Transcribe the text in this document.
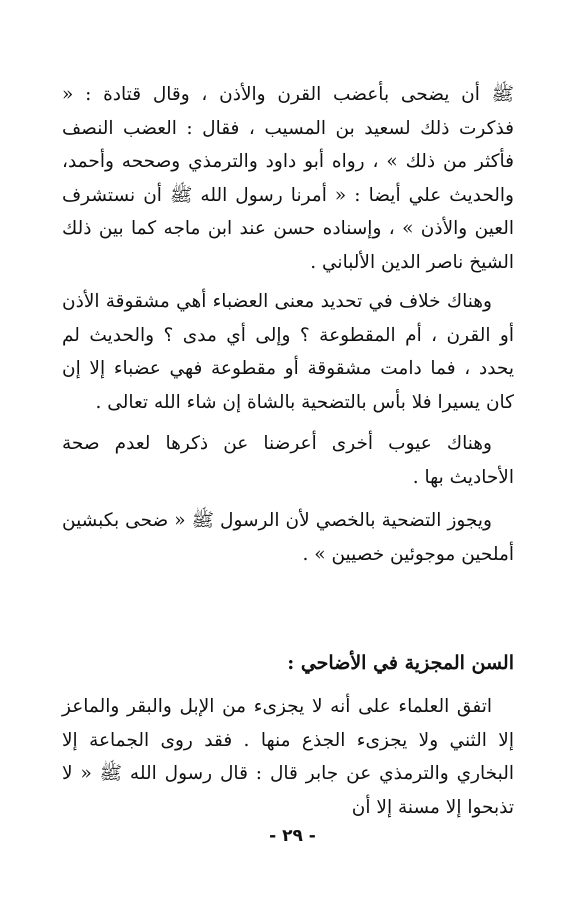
ﷺ أن يضحى بأعضب القرن والأذن ، وقال قتادة : « فذكرت ذلك لسعيد بن المسيب ، فقال : العضب النصف فأكثر من ذلك » ، رواه أبو داود والترمذي وصححه وأحمد، والحديث علي أيضا : « أمرنا رسول الله ﷺ أن نستشرف العين والأذن » ، وإسناده حسن عند ابن ماجه كما بين ذلك الشيخ ناصر الدين الألباني .

وهناك خلاف في تحديد معنى العضباء أهي مشقوقة الأذن أو القرن ، أم المقطوعة ؟ وإلى أي مدى ؟ والحديث لم يحدد ، فما دامت مشقوقة أو مقطوعة فهي عضباء إلا إن كان يسيرا فلا بأس بالتضحية بالشاة إن شاء الله تعالى .

وهناك عيوب أخرى أعرضنا عن ذكرها لعدم صحة الأحاديث بها .

ويجوز التضحية بالخصي لأن الرسول ﷺ « ضحى بكبشين أملحين موجوئين خصيين » .

السن المجزية في الأضاحي :

اتفق العلماء على أنه لا يجزىء من الإبل والبقر والماعز إلا الثني ولا يجزىء الجذع منها . فقد روى الجماعة إلا البخاري والترمذي عن جابر قال : قال رسول الله ﷺ « لا تذبحوا إلا مسنة إلا أن

- ٢٩ -
